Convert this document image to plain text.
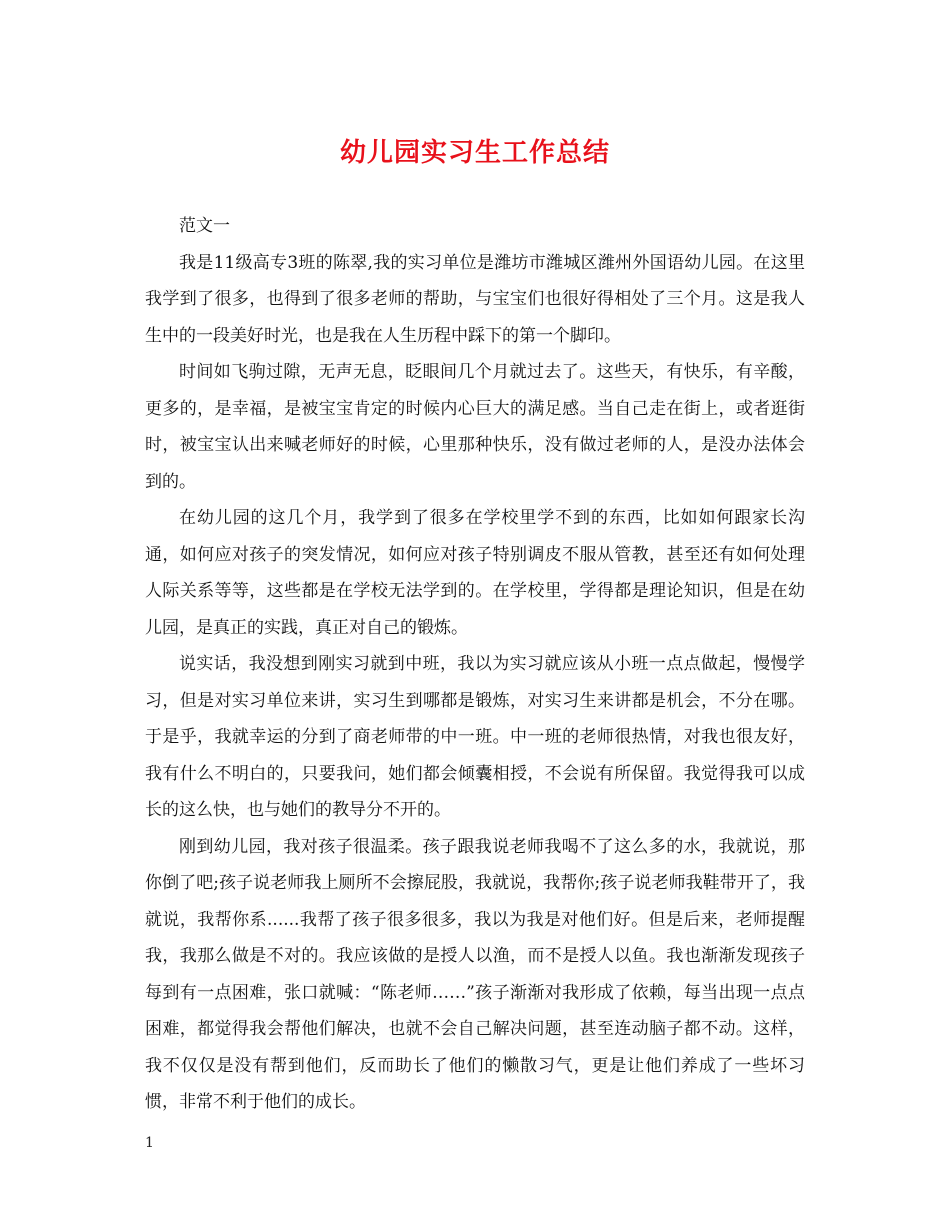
幼儿园实习生工作总结

范文一

我是11级高专3班的陈翠,我的实习单位是潍坊市潍城区潍州外国语幼儿园。在这里我学到了很多，也得到了很多老师的帮助，与宝宝们也很好得相处了三个月。这是我人生中的一段美好时光，也是我在人生历程中踩下的第一个脚印。

时间如飞驹过隙，无声无息，眨眼间几个月就过去了。这些天，有快乐，有辛酸，更多的，是幸福，是被宝宝肯定的时候内心巨大的满足感。当自己走在街上，或者逛街时，被宝宝认出来喊老师好的时候，心里那种快乐，没有做过老师的人，是没办法体会到的。

在幼儿园的这几个月，我学到了很多在学校里学不到的东西，比如如何跟家长沟通，如何应对孩子的突发情况，如何应对孩子特别调皮不服从管教，甚至还有如何处理人际关系等等，这些都是在学校无法学到的。在学校里，学得都是理论知识，但是在幼儿园，是真正的实践，真正对自己的锻炼。

说实话，我没想到刚实习就到中班，我以为实习就应该从小班一点点做起，慢慢学习，但是对实习单位来讲，实习生到哪都是锻炼，对实习生来讲都是机会，不分在哪。于是乎，我就幸运的分到了商老师带的中一班。中一班的老师很热情，对我也很友好，我有什么不明白的，只要我问，她们都会倾囊相授，不会说有所保留。我觉得我可以成长的这么快，也与她们的教导分不开的。

刚到幼儿园，我对孩子很温柔。孩子跟我说老师我喝不了这么多的水，我就说，那你倒了吧;孩子说老师我上厕所不会擦屁股，我就说，我帮你;孩子说老师我鞋带开了，我就说，我帮你系......我帮了孩子很多很多，我以为我是对他们好。但是后来，老师提醒我，我那么做是不对的。我应该做的是授人以渔，而不是授人以鱼。我也渐渐发现孩子每到有一点困难，张口就喊：“陈老师……”孩子渐渐对我形成了依赖，每当出现一点点困难，都觉得我会帮他们解决，也就不会自己解决问题，甚至连动脑子都不动。这样，我不仅仅是没有帮到他们，反而助长了他们的懒散习气，更是让他们养成了一些坏习惯，非常不利于他们的成长。

1
